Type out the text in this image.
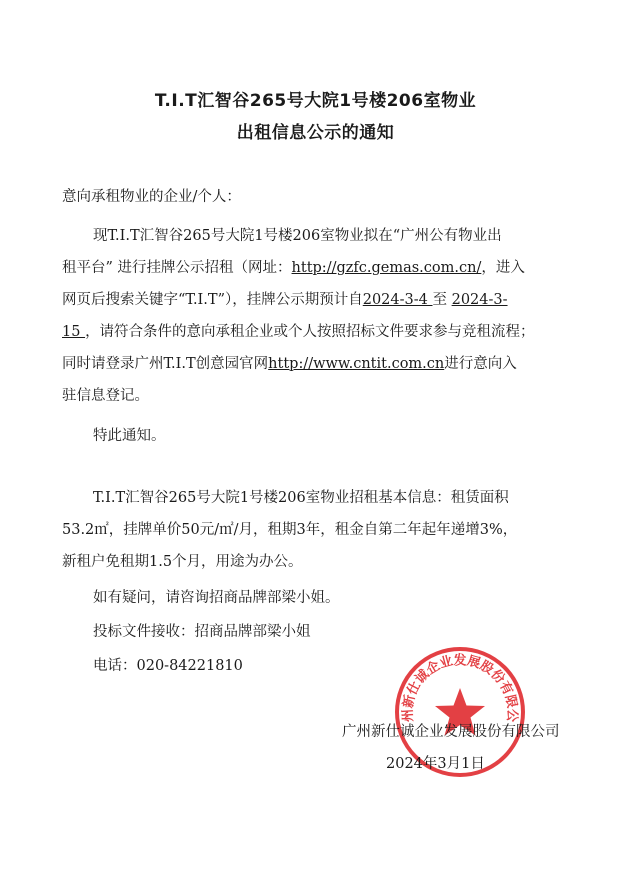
T.I.T汇智谷265号大院1号楼206室物业
出租信息公示的通知
意向承租物业的企业/个人：
现T.I.T汇智谷265号大院1号楼206室物业拟在“广州公有物业出
租平台” 进行挂牌公示招租（网址：http://gzfc.gemas.com.cn/，进入
网页后搜索关键字“T.I.T”），挂牌公示期预计自2024-3-4 至 2024-3-
15 ，请符合条件的意向承租企业或个人按照招标文件要求参与竞租流程；
同时请登录广州T.I.T创意园官网http://www.cntit.com.cn进行意向入
驻信息登记。
特此通知。
T.I.T汇智谷265号大院1号楼206室物业招租基本信息：租赁面积
53.2㎡，挂牌单价50元/㎡/月，租期3年，租金自第二年起年递增3%，
新租户免租期1.5个月，用途为办公。
如有疑问，请咨询招商品牌部梁小姐。
投标文件接收：招商品牌部梁小姐
电话：020-84221810
州新仕诚企业发展股份有限公
广州新仕诚企业发展股份有限公司
2024年3月1日
